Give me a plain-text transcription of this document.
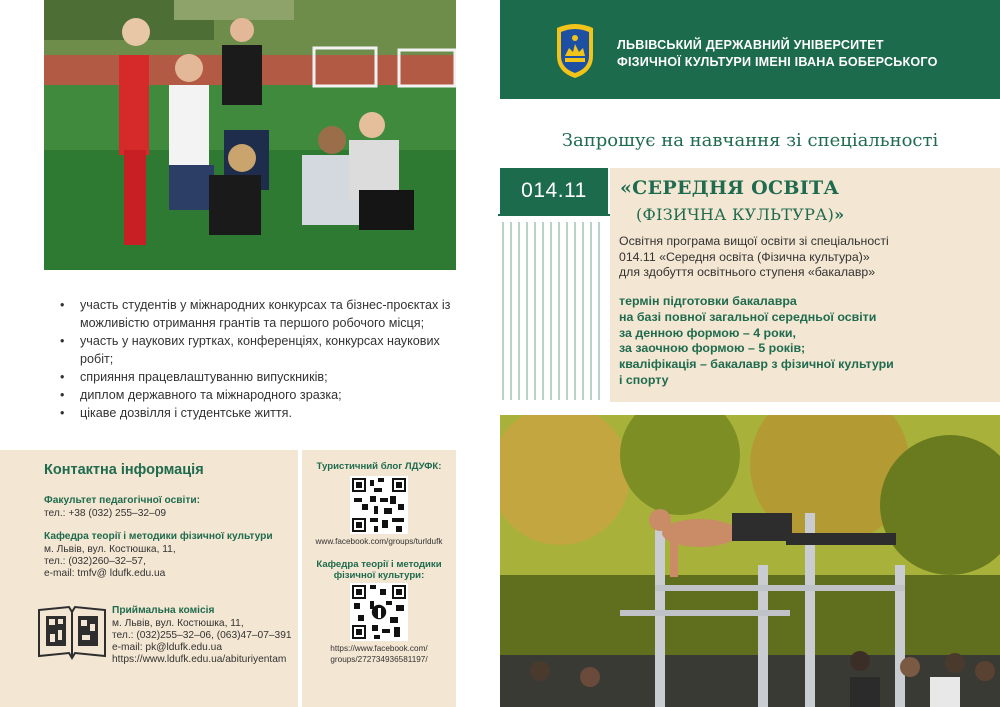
• участь студентів у міжнародних конкурсах та бізнес-проєктах із можливістю отримання грантів та першого робочого місця;
• участь у наукових гуртках, конференціях, конкурсах наукових робіт;
• сприяння працевлаштуванню випускників;
• диплом державного та міжнародного зразка;
• цікаве дозвілля і студентське життя.
Контактна інформація
Факультет педагогічної освіти:
тел.: +38 (032) 255–32–09
Кафедра теорії і методики фізичної культури
м. Львів, вул. Костюшка, 11,
тел.: (032)260–32–57,
e-mail: tmfv@ ldufk.edu.ua
Приймальна комісія
м. Львів, вул. Костюшка, 11,
тел.: (032)255–32–06, (063)47–07–391
e-mail: pk@ldufk.edu.ua
https://www.ldufk.edu.ua/abituriyentam
Туристичний блог ЛДУФК:
www.facebook.com/groups/turldufk
Кафедра теорії і методики
фізичної культури:
https://www.facebook.com/
groups/272734936581197/
ЛЬВІВСЬКИЙ ДЕРЖАВНИЙ УНІВЕРСИТЕТ
ФІЗИЧНОЇ КУЛЬТУРИ ІМЕНІ ІВАНА БОБЕРСЬКОГО
Запрошує на навчання зі спеціальності
014.11	«СЕРЕДНЯ ОСВІТА
(ФІЗИЧНА КУЛЬТУРА)»
Освітня програма вищої освіти зі спеціальності
014.11 «Середня освіта (Фізична культура)»
для здобуття освітнього ступеня «бакалавр»
термін підготовки бакалавра
на базі повної загальної середньої освіти
за денною формою – 4 роки,
за заочною формою – 5 років;
кваліфікація – бакалавр з фізичної культури
і спорту
